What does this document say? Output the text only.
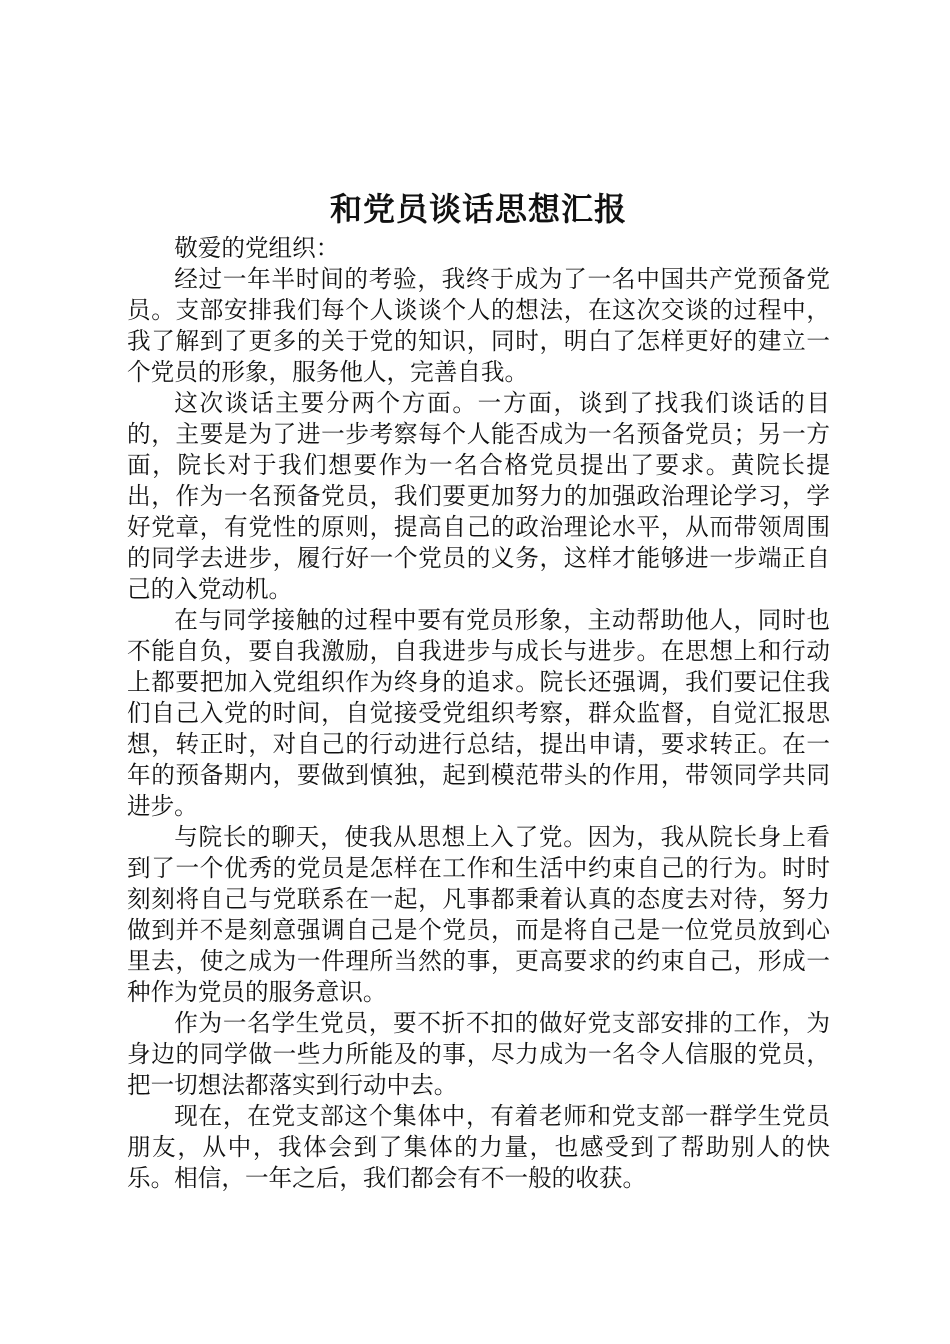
和党员谈话思想汇报

敬爱的党组织：

经过一年半时间的考验，我终于成为了一名中国共产党预备党员。支部安排我们每个人谈谈个人的想法，在这次交谈的过程中，我了解到了更多的关于党的知识，同时，明白了怎样更好的建立一个党员的形象，服务他人，完善自我。

这次谈话主要分两个方面。一方面，谈到了找我们谈话的目的，主要是为了进一步考察每个人能否成为一名预备党员；另一方面，院长对于我们想要作为一名合格党员提出了要求。黄院长提出，作为一名预备党员，我们要更加努力的加强政治理论学习，学好党章，有党性的原则，提高自己的政治理论水平，从而带领周围的同学去进步，履行好一个党员的义务，这样才能够进一步端正自己的入党动机。

在与同学接触的过程中要有党员形象，主动帮助他人，同时也不能自负，要自我激励，自我进步与成长与进步。在思想上和行动上都要把加入党组织作为终身的追求。院长还强调，我们要记住我们自己入党的时间，自觉接受党组织考察，群众监督，自觉汇报思想，转正时，对自己的行动进行总结，提出申请，要求转正。在一年的预备期内，要做到慎独，起到模范带头的作用，带领同学共同进步。

与院长的聊天，使我从思想上入了党。因为，我从院长身上看到了一个优秀的党员是怎样在工作和生活中约束自己的行为。时时刻刻将自己与党联系在一起，凡事都秉着认真的态度去对待，努力做到并不是刻意强调自己是个党员，而是将自己是一位党员放到心里去，使之成为一件理所当然的事，更高要求的约束自己，形成一种作为党员的服务意识。

作为一名学生党员，要不折不扣的做好党支部安排的工作，为身边的同学做一些力所能及的事，尽力成为一名令人信服的党员，把一切想法都落实到行动中去。

现在，在党支部这个集体中，有着老师和党支部一群学生党员朋友，从中，我体会到了集体的力量，也感受到了帮助别人的快乐。相信，一年之后，我们都会有不一般的收获。
